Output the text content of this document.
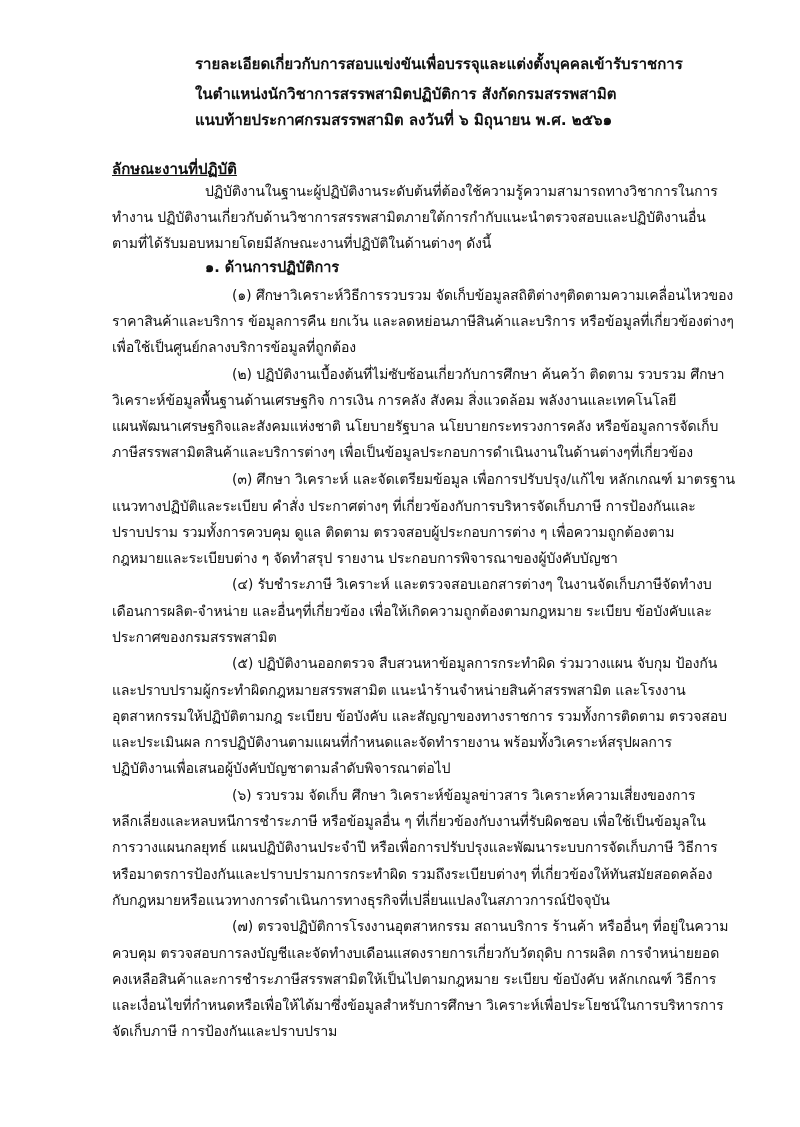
รายละเอียดเกี่ยวกับการสอบแข่งขันเพื่อบรรจุและแต่งตั้งบุคคลเข้ารับราชการ
ในตำแหน่งนักวิชาการสรรพสามิตปฏิบัติการ สังกัดกรมสรรพสามิต
แนบท้ายประกาศกรมสรรพสามิต ลงวันที่ ๖ มิถุนายน พ.ศ. ๒๕๖๑
ลักษณะงานที่ปฏิบัติ
ปฏิบัติงานในฐานะผู้ปฏิบัติงานระดับต้นที่ต้องใช้ความรู้ความสามารถทางวิชาการในการ
ทำงาน ปฏิบัติงานเกี่ยวกับด้านวิชาการสรรพสามิตภายใต้การกำกับแนะนำตรวจสอบและปฏิบัติงานอื่น
ตามที่ได้รับมอบหมายโดยมีลักษณะงานที่ปฏิบัติในด้านต่างๆ ดังนี้
๑. ด้านการปฏิบัติการ
(๑) ศึกษาวิเคราะห์วิธีการรวบรวม จัดเก็บข้อมูลสถิติต่างๆติดตามความเคลื่อนไหวของ
ราคาสินค้าและบริการ ข้อมูลการคืน ยกเว้น และลดหย่อนภาษีสินค้าและบริการ หรือข้อมูลที่เกี่ยวข้องต่างๆ
เพื่อใช้เป็นศูนย์กลางบริการข้อมูลที่ถูกต้อง
(๒) ปฏิบัติงานเบื้องต้นที่ไม่ซับซ้อนเกี่ยวกับการศึกษา ค้นคว้า ติดตาม รวบรวม ศึกษา
วิเคราะห์ข้อมูลพื้นฐานด้านเศรษฐกิจ การเงิน การคลัง สังคม สิ่งแวดล้อม พลังงานและเทคโนโลยี
แผนพัฒนาเศรษฐกิจและสังคมแห่งชาติ นโยบายรัฐบาล นโยบายกระทรวงการคลัง หรือข้อมูลการจัดเก็บ
ภาษีสรรพสามิตสินค้าและบริการต่างๆ เพื่อเป็นข้อมูลประกอบการดำเนินงานในด้านต่างๆที่เกี่ยวข้อง
(๓) ศึกษา วิเคราะห์ และจัดเตรียมข้อมูล เพื่อการปรับปรุง/แก้ไข หลักเกณฑ์ มาตรฐาน
แนวทางปฏิบัติและระเบียบ คำสั่ง ประกาศต่างๆ ที่เกี่ยวข้องกับการบริหารจัดเก็บภาษี การป้องกันและ
ปราบปราม รวมทั้งการควบคุม ดูแล ติดตาม ตรวจสอบผู้ประกอบการต่าง ๆ เพื่อความถูกต้องตาม
กฎหมายและระเบียบต่าง ๆ จัดทำสรุป รายงาน ประกอบการพิจารณาของผู้บังคับบัญชา
(๔) รับชำระภาษี วิเคราะห์ และตรวจสอบเอกสารต่างๆ ในงานจัดเก็บภาษีจัดทำงบ
เดือนการผลิต-จำหน่าย และอื่นๆที่เกี่ยวข้อง เพื่อให้เกิดความถูกต้องตามกฎหมาย ระเบียบ ข้อบังคับและ
ประกาศของกรมสรรพสามิต
(๕) ปฏิบัติงานออกตรวจ สืบสวนหาข้อมูลการกระทำผิด ร่วมวางแผน จับกุม ป้องกัน
และปราบปรามผู้กระทำผิดกฎหมายสรรพสามิต แนะนำร้านจำหน่ายสินค้าสรรพสามิต และโรงงาน
อุตสาหกรรมให้ปฏิบัติตามกฎ ระเบียบ ข้อบังคับ และสัญญาของทางราชการ รวมทั้งการติดตาม ตรวจสอบ
และประเมินผล การปฏิบัติงานตามแผนที่กำหนดและจัดทำรายงาน พร้อมทั้งวิเคราะห์สรุปผลการ
ปฏิบัติงานเพื่อเสนอผู้บังคับบัญชาตามลำดับพิจารณาต่อไป
(๖) รวบรวม จัดเก็บ ศึกษา วิเคราะห์ข้อมูลข่าวสาร วิเคราะห์ความเสี่ยงของการ
หลีกเลี่ยงและหลบหนีการชำระภาษี หรือข้อมูลอื่น ๆ ที่เกี่ยวข้องกับงานที่รับผิดชอบ เพื่อใช้เป็นข้อมูลใน
การวางแผนกลยุทธ์ แผนปฏิบัติงานประจำปี หรือเพื่อการปรับปรุงและพัฒนาระบบการจัดเก็บภาษี วิธีการ
หรือมาตรการป้องกันและปราบปรามการกระทำผิด รวมถึงระเบียบต่างๆ ที่เกี่ยวข้องให้ทันสมัยสอดคล้อง
กับกฎหมายหรือแนวทางการดำเนินการทางธุรกิจที่เปลี่ยนแปลงในสภาวการณ์ปัจจุบัน
(๗) ตรวจปฏิบัติการโรงงานอุตสาหกรรม สถานบริการ ร้านค้า หรืออื่นๆ ที่อยู่ในความ
ควบคุม ตรวจสอบการลงบัญชีและจัดทำงบเดือนแสดงรายการเกี่ยวกับวัตถุดิบ การผลิต การจำหน่ายยอด
คงเหลือสินค้าและการชำระภาษีสรรพสามิตให้เป็นไปตามกฎหมาย ระเบียบ ข้อบังคับ หลักเกณฑ์ วิธีการ
และเงื่อนไขที่กำหนดหรือเพื่อให้ได้มาซึ่งข้อมูลสำหรับการศึกษา วิเคราะห์เพื่อประโยชน์ในการบริหารการ
จัดเก็บภาษี การป้องกันและปราบปราม
